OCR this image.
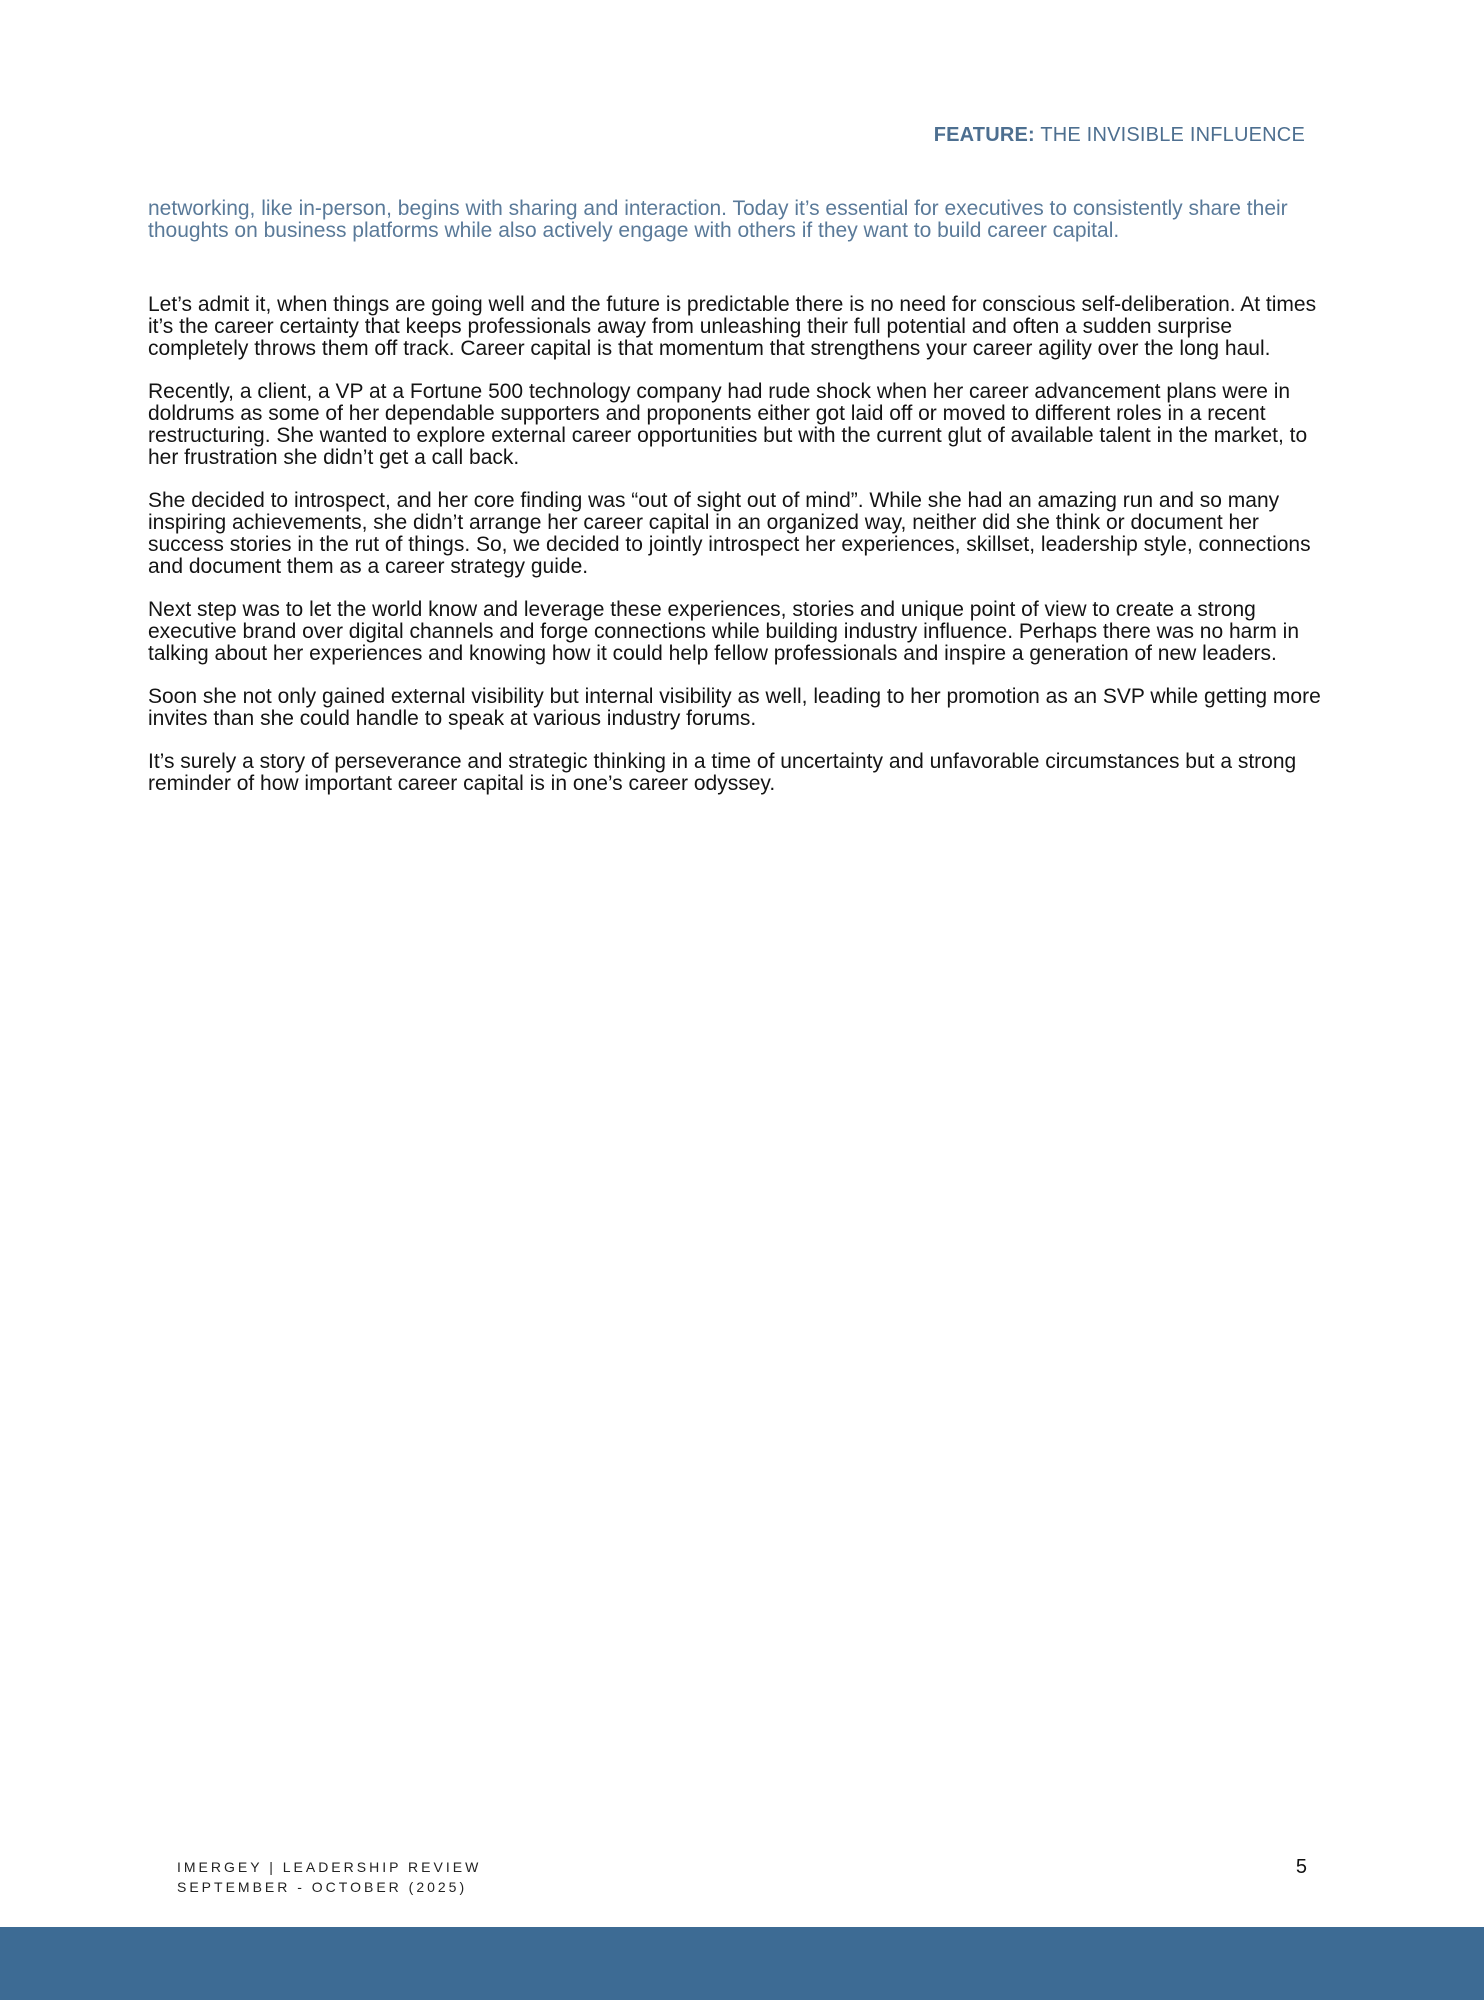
FEATURE: THE INVISIBLE INFLUENCE

networking, like in-person, begins with sharing and interaction. Today it’s essential for executives to consistently share their thoughts on business platforms while also actively engage with others if they want to build career capital.

Let’s admit it, when things are going well and the future is predictable there is no need for conscious self-deliberation. At times it’s the career certainty that keeps professionals away from unleashing their full potential and often a sudden surprise completely throws them off track. Career capital is that momentum that strengthens your career agility over the long haul.

Recently, a client, a VP at a Fortune 500 technology company had rude shock when her career advancement plans were in doldrums as some of her dependable supporters and proponents either got laid off or moved to different roles in a recent restructuring. She wanted to explore external career opportunities but with the current glut of available talent in the market, to her frustration she didn’t get a call back.

She decided to introspect, and her core finding was “out of sight out of mind”. While she had an amazing run and so many inspiring achievements, she didn’t arrange her career capital in an organized way, neither did she think or document her success stories in the rut of things. So, we decided to jointly introspect her experiences, skillset, leadership style, connections and document them as a career strategy guide.

Next step was to let the world know and leverage these experiences, stories and unique point of view to create a strong executive brand over digital channels and forge connections while building industry influence. Perhaps there was no harm in talking about her experiences and knowing how it could help fellow professionals and inspire a generation of new leaders.

Soon she not only gained external visibility but internal visibility as well, leading to her promotion as an SVP while getting more invites than she could handle to speak at various industry forums.

It’s surely a story of perseverance and strategic thinking in a time of uncertainty and unfavorable circumstances but a strong reminder of how important career capital is in one’s career odyssey.

IMERGEY | LEADERSHIP REVIEW
SEPTEMBER - OCTOBER (2025)
5
